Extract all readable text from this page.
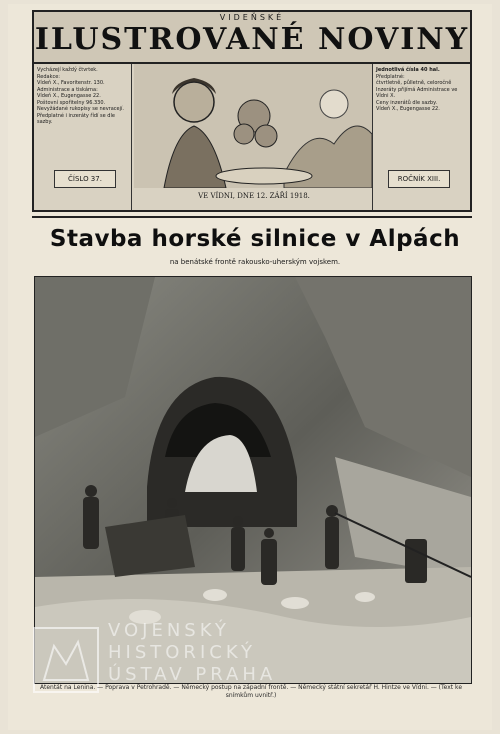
VIDEŇSKÉ
ILUSTROVANÉ NOVINY
Vycházejí každý čtvrtek.
Redakce:
Vídeň X., Favoritenstr. 130.
Administrace a tiskárna:
Vídeň X., Eugengasse 22.
Poštovní spořitelny 96.330.
Nevyžádané rukopisy se nevracejí.
Předplatné i inzeráty řídí se dle sazby.
Jednotlivá čísla 40 hal.
Předplatné:
čtvrtletně, půlletně, celoročně
Inzeráty přijímá Administrace ve Vídni X.
Ceny inzerátů dle sazby.
Vídeň X., Eugengasse 22.
ČÍSLO 37.	ROČNÍK XIII.
VE VÍDNI, DNE 12. ZÁŘÍ 1918.
Stavba horské silnice v Alpách
na benátské frontě rakousko-uherským vojskem.
VOJENSKÝ
HISTORICKÝ
ÚSTAV PRAHA
Atentát na Lenina. — Poprava v Petrohradě. — Německý postup na západní frontě. — Německý státní sekretář H. Hintze ve Vídni. — (Text ke snímkům uvnitř.)
